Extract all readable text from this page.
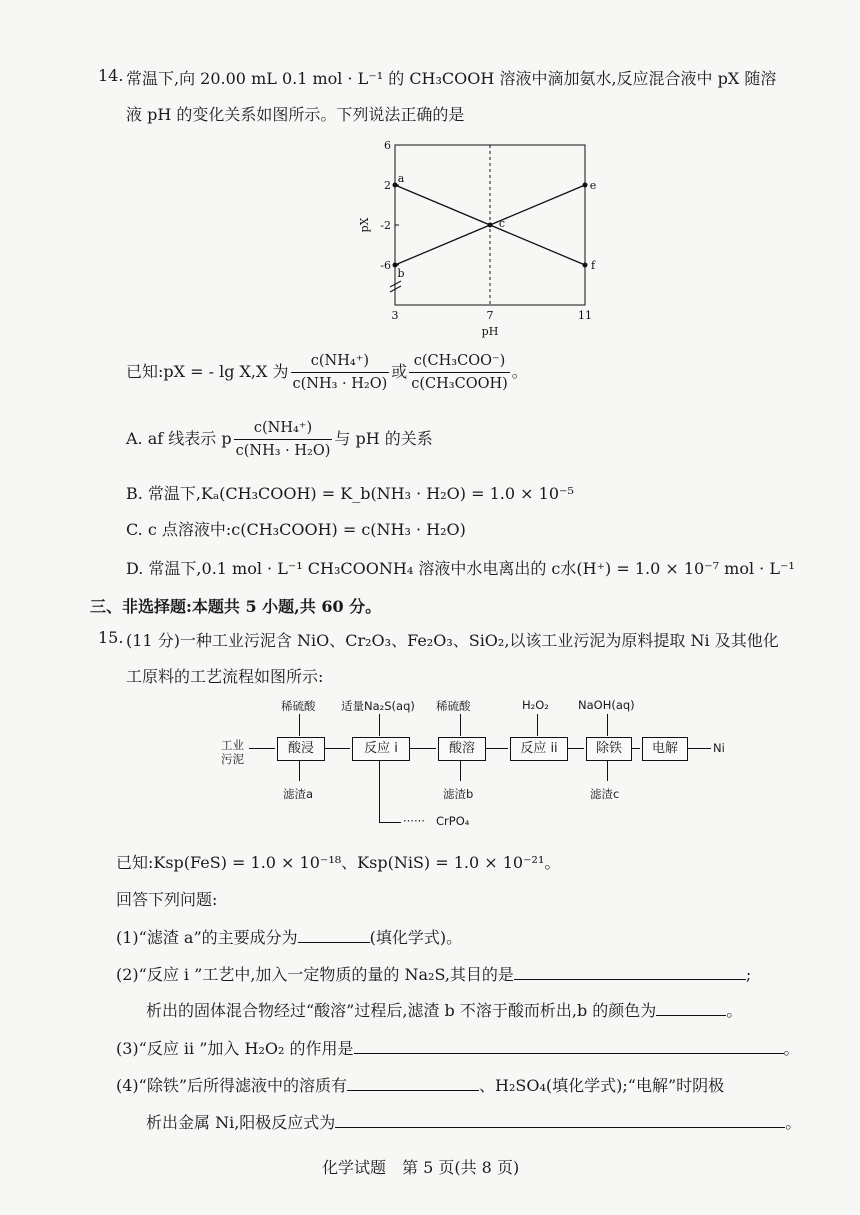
14. 常温下,向 20.00 mL 0.1 mol · L⁻¹ 的 CH₃COOH 溶液中滴加氨水,反应混合液中 pX 随溶
液 pH 的变化关系如图所示。下列说法正确的是
6
2
-2
-6
3	7	11
pH
pX
a
f
b
e
c
已知:pX = - lg X,X 为 $\frac{\text{c(NH₄⁺)}}{\text{c(NH₃ · H₂O)}}$ 或 $\frac{\text{c(CH₃COO⁻)}}{\text{c(CH₃COOH)}}$ 。
A. af 线表示 p $\frac{\text{c(NH₄⁺)}}{\text{c(NH₃ · H₂O)}}$ 与 pH 的关系
B. 常温下,Kₐ(CH₃COOH) = K_b(NH₃ · H₂O) = 1.0 × 10⁻⁵
C. c 点溶液中:c(CH₃COOH) = c(NH₃ · H₂O)
D. 常温下,0.1 mol · L⁻¹ CH₃COONH₄ 溶液中水电离出的 c水(H⁺) = 1.0 × 10⁻⁷ mol · L⁻¹
三、非选择题:本题共 5 小题,共 60 分。
15. (11 分)一种工业污泥含 NiO、Cr₂O₃、Fe₂O₃、SiO₂,以该工业污泥为原料提取 Ni 及其他化
工原料的工艺流程如图所示:
工业
污泥
酸浸	反应 i	酸溶	反应 ii	除铁	电解	Ni
稀硫酸 适量Na₂S(aq) 稀硫酸	H₂O₂	NaOH(aq)
滤渣a	滤渣b	滤渣c
······ CrPO₄
已知:Ksp(FeS) = 1.0 × 10⁻¹⁸、Ksp(NiS) = 1.0 × 10⁻²¹。
回答下列问题:
(1)“滤渣 a”的主要成分为	(填化学式)。
(2)“反应 i ”工艺中,加入一定物质的量的 Na₂S,其目的是	;
析出的固体混合物经过“酸溶”过程后,滤渣 b 不溶于酸而析出,b 的颜色为	。
(3)“反应 ii ”加入 H₂O₂ 的作用是	。
(4)“除铁”后所得滤液中的溶质有	、H₂SO₄(填化学式);“电解”时阴极
析出金属 Ni,阳极反应式为	。
化学试题　第 5 页(共 8 页)
